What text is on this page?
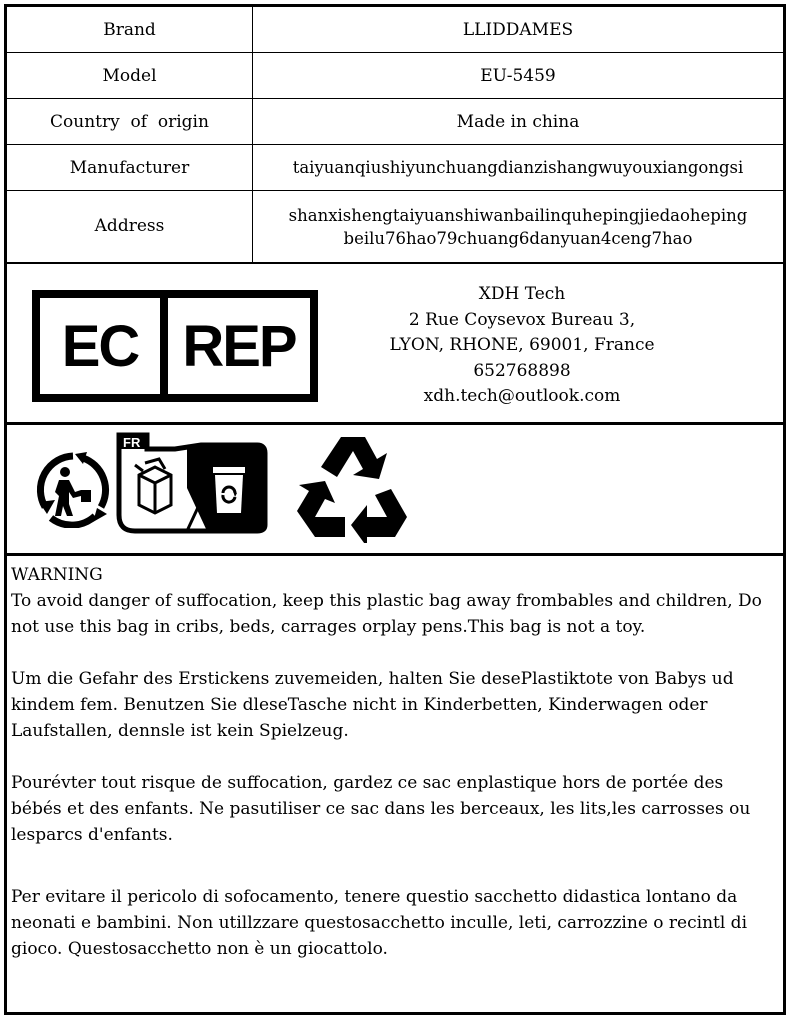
Brand	LLIDDAMES
Model	EU-5459
Country  of  origin	Made in china
Manufacturer	taiyuanqiushiyunchuangdianzishangwuyouxiangongsi
Address	shanxishengtaiyuanshiwanbailinquhepingjiedaoheping
beilu76hao79chuang6danyuan4ceng7hao
EC REP
XDH Tech
2 Rue Coysevox Bureau 3,
LYON, RHONE, 69001, France
652768898
xdh.tech@outlook.com
FR

WARNING

To avoid danger of suffocation, keep this plastic bag away frombables and children, Do not use this bag in cribs, beds, carrages orplay pens.This bag is not a toy.

Um die Gefahr des Erstickens zuvemeiden, halten Sie desePlastiktote von Babys ud kindem fem. Benutzen Sie dleseTasche nicht in Kinderbetten, Kinderwagen oder Laufstallen, dennsle ist kein Spielzeug.

Pourévter tout risque de suffocation, gardez ce sac enplastique hors de portée des bébés et des enfants. Ne pasutiliser ce sac dans les berceaux, les lits,les carrosses ou lesparcs d'enfants.

Per evitare il pericolo di sofocamento, tenere questio sacchetto didastica lontano da neonati e bambini. Non utillzzare questosacchetto inculle, leti, carrozzine o recintl di gioco. Questosacchetto non è un giocattolo.
